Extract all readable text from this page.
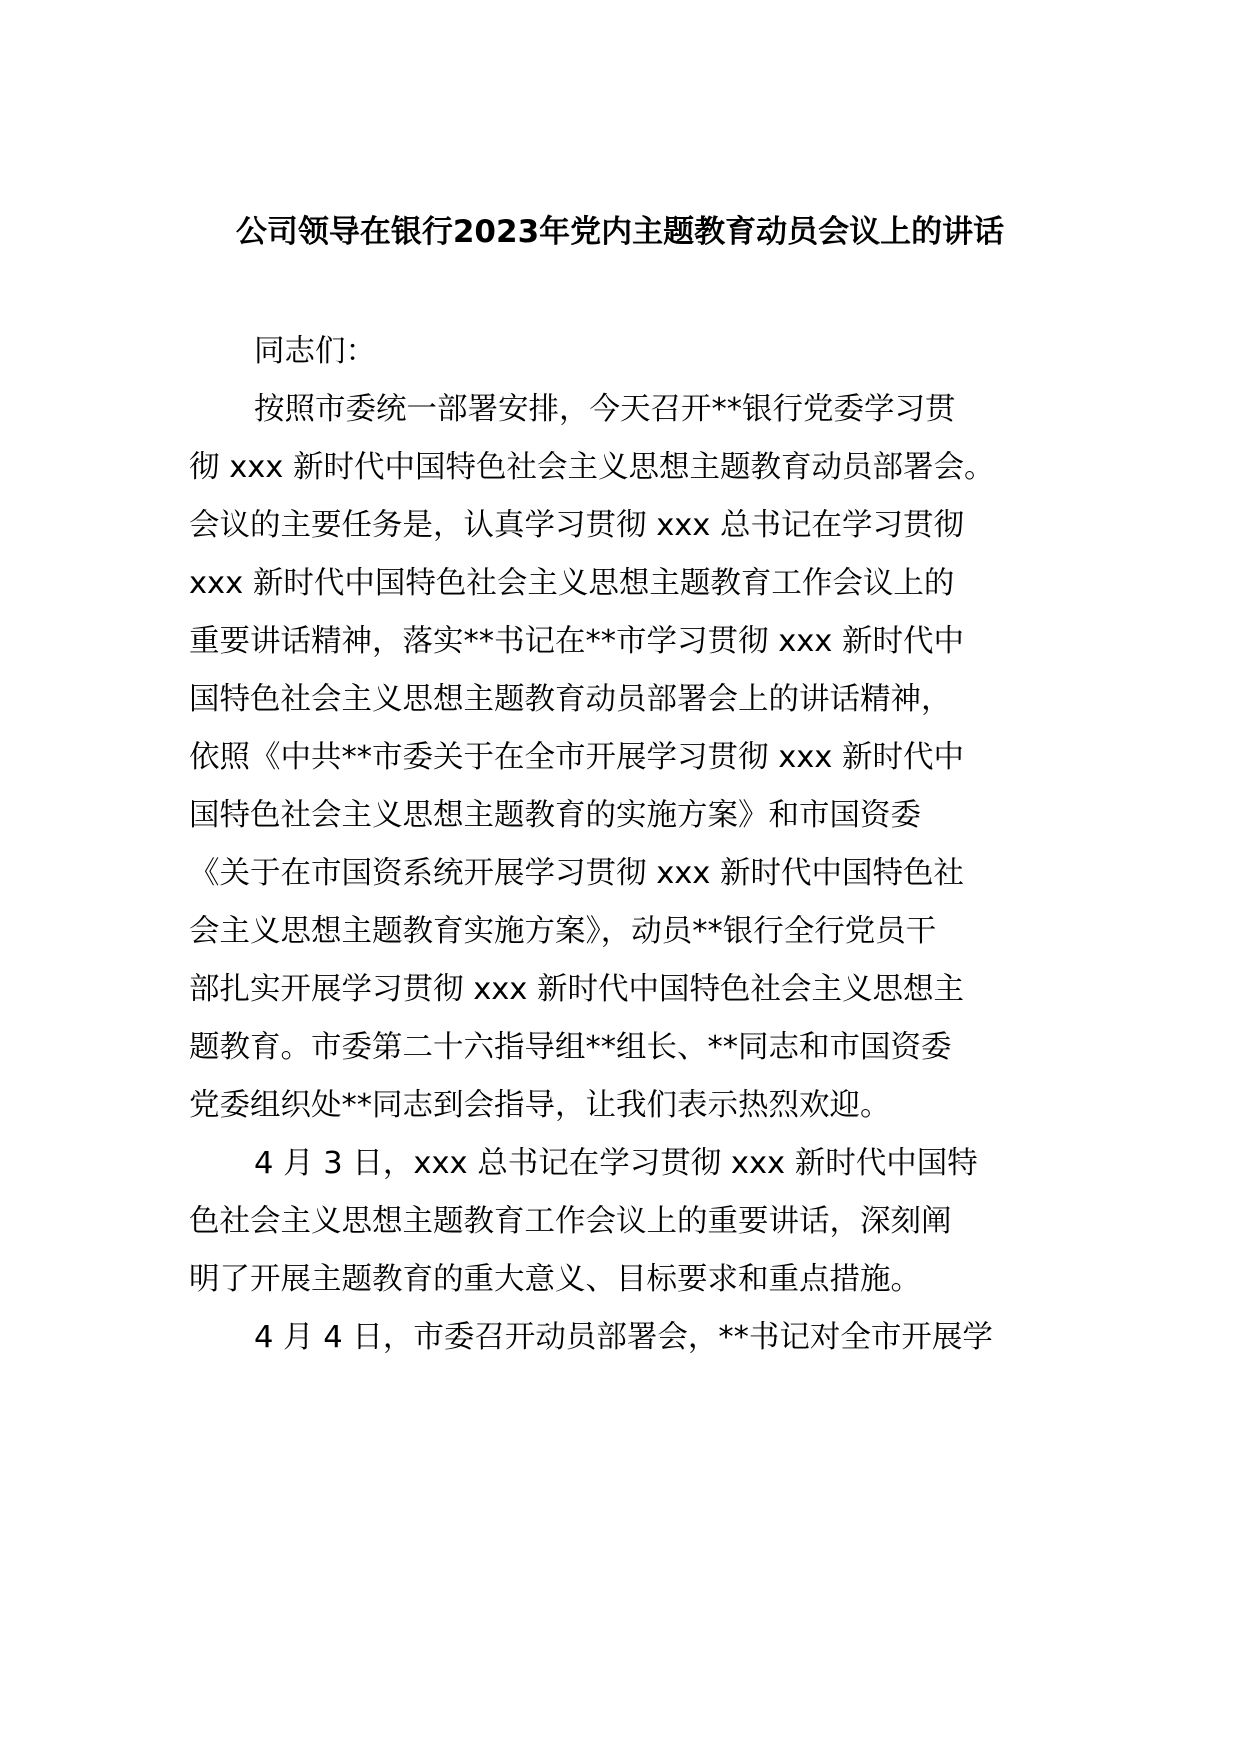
公司领导在银行2023年党内主题教育动员会议上的讲话
同志们：
按照市委统一部署安排，今天召开**银行党委学习贯
彻 xxx 新时代中国特色社会主义思想主题教育动员部署会。
会议的主要任务是，认真学习贯彻 xxx 总书记在学习贯彻
xxx 新时代中国特色社会主义思想主题教育工作会议上的
重要讲话精神，落实**书记在**市学习贯彻 xxx 新时代中
国特色社会主义思想主题教育动员部署会上的讲话精神，
依照《中共**市委关于在全市开展学习贯彻 xxx 新时代中
国特色社会主义思想主题教育的实施方案》和市国资委
《关于在市国资系统开展学习贯彻 xxx 新时代中国特色社
会主义思想主题教育实施方案》，动员**银行全行党员干
部扎实开展学习贯彻 xxx 新时代中国特色社会主义思想主
题教育。市委第二十六指导组**组长、**同志和市国资委
党委组织处**同志到会指导，让我们表示热烈欢迎。
4 月 3 日，xxx 总书记在学习贯彻 xxx 新时代中国特
色社会主义思想主题教育工作会议上的重要讲话，深刻阐
明了开展主题教育的重大意义、目标要求和重点措施。
4 月 4 日，市委召开动员部署会，**书记对全市开展学
